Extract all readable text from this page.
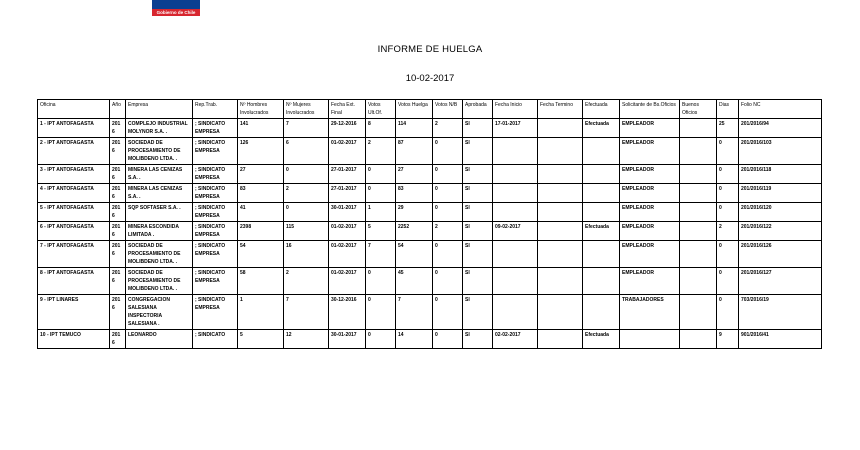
Gobierno de Chile
INFORME DE HUELGA
10-02-2017
Oficina	Año	Empresa	Rep.Trab.	Nº Hombres Involucrados	Nº Mujeres Involucrados	Fecha Ext. Final	Votos Ult.Of.	Votos Huelga	Votos N/B	Aprobada	Fecha Inicio	Fecha Termino	Efectuada	Solicitante de Bs.Oficios	Buenos Oficios	Dias	Folio NC
1 - IPT ANTOFAGASTA	2016	COMPLEJO INDUSTRIAL MOLYNOR S.A. .	; SINDICATO EMPRESA	141	7	29-12-2016	8	114	2	SI	17-01-2017		Efectuada	EMPLEADOR		25	201/2016/94
2 - IPT ANTOFAGASTA	2016	SOCIEDAD DE PROCESAMIENTO DE MOLIBDENO LTDA. .	; SINDICATO EMPRESA	126	6	01-02-2017	2	87	0	SI				EMPLEADOR		0	201/2016/103
3 - IPT ANTOFAGASTA	2016	MINERA LAS CENIZAS S.A. .	; SINDICATO EMPRESA	27	0	27-01-2017	0	27	0	SI				EMPLEADOR		0	201/2016/118
4 - IPT ANTOFAGASTA	2016	MINERA LAS CENIZAS S.A. .	; SINDICATO EMPRESA	83	2	27-01-2017	0	83	0	SI				EMPLEADOR		0	201/2016/119
5 - IPT ANTOFAGASTA	2016	SQP SOFTASER S.A. .	; SINDICATO EMPRESA	41	0	30-01-2017	1	29	0	SI				EMPLEADOR		0	201/2016/120
6 - IPT ANTOFAGASTA	2016	MINERA ESCONDIDA LIMITADA .	; SINDICATO EMPRESA	2398	115	01-02-2017	5	2252	2	SI	09-02-2017		Efectuada	EMPLEADOR		2	201/2016/122
7 - IPT ANTOFAGASTA	2016	SOCIEDAD DE PROCESAMIENTO DE MOLIBDENO LTDA. .	; SINDICATO EMPRESA	54	16	01-02-2017	7	54	0	SI				EMPLEADOR		0	201/2016/126
8 - IPT ANTOFAGASTA	2016	SOCIEDAD DE PROCESAMIENTO DE MOLIBDENO LTDA. .	; SINDICATO EMPRESA	58	2	01-02-2017	0	45	0	SI				EMPLEADOR		0	201/2016/127
9 - IPT LINARES	2016	CONGREGACION SALESIANA INSPECTORIA SALESIANA .	; SINDICATO EMPRESA	1	7	30-12-2016	0	7	0	SI				TRABAJADORES		0	703/2016/19
10 - IPT TEMUCO	2016	LEONARDO	; SINDICATO	5	12	30-01-2017	0	14	0	SI	02-02-2017		Efectuada			9	901/2016/41
